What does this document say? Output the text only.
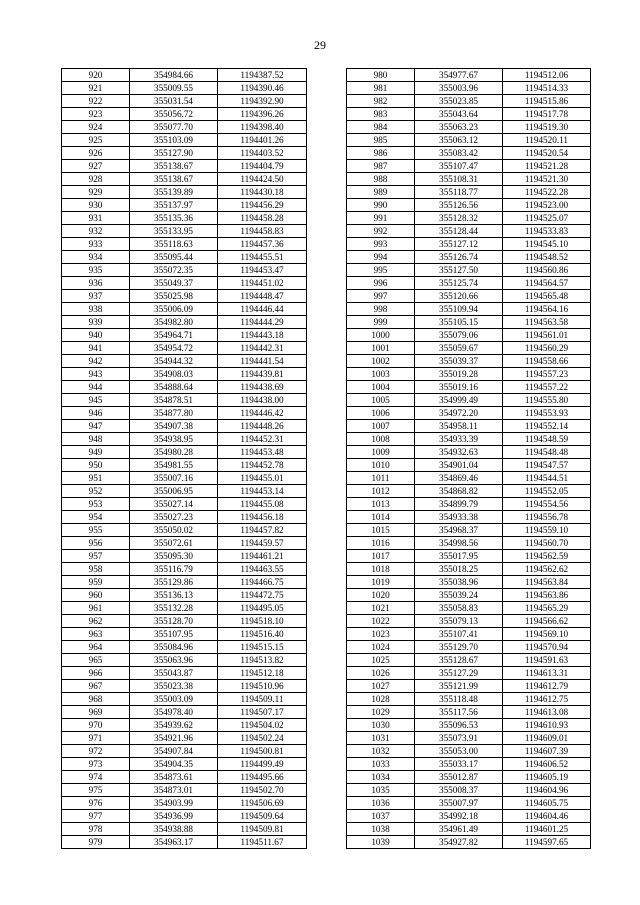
29
920	354984.66	1194387.52
921	355009.55	1194390.46
922	355031.54	1194392.90
923	355056.72	1194396.26
924	355077.70	1194398.40
925	355103.09	1194401.26
926	355127.90	1194403.52
927	355138.67	1194404.79
928	355138.67	1194424.50
929	355139.89	1194430.18
930	355137.97	1194456.29
931	355135.36	1194458.28
932	355133.95	1194458.83
933	355118.63	1194457.36
934	355095.44	1194455.51
935	355072.35	1194453.47
936	355049.37	1194451.02
937	355025.98	1194448.47
938	355006.09	1194446.44
939	354982.80	1194444.29
940	354964.71	1194443.18
941	354954.72	1194442.31
942	354944.32	1194441.54
943	354908.03	1194439.81
944	354888.64	1194438.69
945	354878.51	1194438.00
946	354877.80	1194446.42
947	354907.38	1194448.26
948	354938.95	1194452.31
949	354980.28	1194453.48
950	354981.55	1194452.78
951	355007.16	1194455.01
952	355006.95	1194453.14
953	355027.14	1194455.08
954	355027.23	1194456.18
955	355050.02	1194457.82
956	355072.61	1194459.57
957	355095.30	1194461.21
958	355116.79	1194463.55
959	355129.86	1194466.75
960	355136.13	1194472.75
961	355132.28	1194495.05
962	355128.70	1194518.10
963	355107.95	1194516.40
964	355084.96	1194515.15
965	355063.96	1194513.82
966	355043.87	1194512.18
967	355023.38	1194510.96
968	355003.09	1194509.11
969	354978.40	1194507.17
970	354939.62	1194504.02
971	354921.96	1194502.24
972	354907.84	1194500.81
973	354904.35	1194499.49
974	354873.61	1194495.66
975	354873.01	1194502.70
976	354903.99	1194506.69
977	354936.99	1194509.64
978	354938.88	1194509.81
979	354963.17	1194511.67
980	354977.67	1194512.06
981	355003.96	1194514.33
982	355023.85	1194515.86
983	355043.64	1194517.78
984	355063.23	1194519.30
985	355063.12	1194520.11
986	355083.42	1194520.54
987	355107.47	1194521.28
988	355108.31	1194521.30
989	355118.77	1194522.28
990	355126.56	1194523.00
991	355128.32	1194525.07
992	355128.44	1194533.83
993	355127.12	1194545.10
994	355126.74	1194548.52
995	355127.50	1194560.86
996	355125.74	1194564.57
997	355120.66	1194565.48
998	355109.94	1194564.16
999	355105.15	1194563.58
1000	355079.06	1194561.01
1001	355059.67	1194560.29
1002	355039.37	1194558.66
1003	355019.28	1194557.23
1004	355019.16	1194557.22
1005	354999.49	1194555.80
1006	354972.20	1194553.93
1007	354958.11	1194552.14
1008	354933.39	1194548.59
1009	354932.63	1194548.48
1010	354901.04	1194547.57
1011	354869.46	1194544.51
1012	354868.82	1194552.05
1013	354899.79	1194554.56
1014	354933.38	1194556.78
1015	354968.37	1194559.10
1016	354998.56	1194560.70
1017	355017.95	1194562.59
1018	355018.25	1194562.62
1019	355038.96	1194563.84
1020	355039.24	1194563.86
1021	355058.83	1194565.29
1022	355079.13	1194566.62
1023	355107.41	1194569.10
1024	355129.70	1194570.94
1025	355128.67	1194591.63
1026	355127.29	1194613.31
1027	355121.99	1194612.79
1028	355118.48	1194612.75
1029	355117.56	1194613.08
1030	355096.53	1194610.93
1031	355073.91	1194609.01
1032	355053.00	1194607.39
1033	355033.17	1194606.52
1034	355012.87	1194605.19
1035	355008.37	1194604.96
1036	355007.97	1194605.75
1037	354992.18	1194604.46
1038	354961.49	1194601.25
1039	354927.82	1194597.65
